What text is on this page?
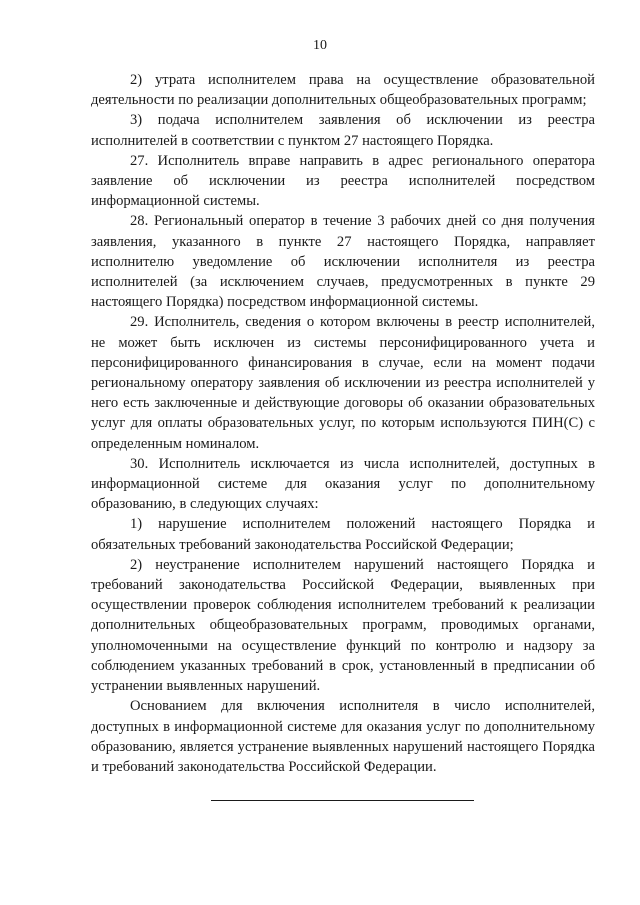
10

2) утрата исполнителем права на осуществление образовательной деятельности по реализации дополнительных общеобразовательных программ;

3) подача исполнителем заявления об исключении из реестра исполнителей в соответствии с пунктом 27 настоящего Порядка.

27. Исполнитель вправе направить в адрес регионального оператора заявление об исключении из реестра исполнителей посредством информационной системы.

28. Региональный оператор в течение 3 рабочих дней со дня получения заявления, указанного в пункте 27 настоящего Порядка, направляет исполнителю уведомление об исключении исполнителя из реестра исполнителей (за исключением случаев, предусмотренных в пункте 29 настоящего Порядка) посредством информационной системы.

29. Исполнитель, сведения о котором включены в реестр исполнителей, не может быть исключен из системы персонифицированного учета и персонифицированного финансирования в случае, если на момент подачи региональному оператору заявления об исключении из реестра исполнителей у него есть заключенные и действующие договоры об оказании образовательных услуг для оплаты образовательных услуг, по которым используются ПИН(С) с определенным номиналом.

30. Исполнитель исключается из числа исполнителей, доступных в информационной системе для оказания услуг по дополнительному образованию, в следующих случаях:

1) нарушение исполнителем положений настоящего Порядка и обязательных требований законодательства Российской Федерации;

2) неустранение исполнителем нарушений настоящего Порядка и требований законодательства Российской Федерации, выявленных при осуществлении проверок соблюдения исполнителем требований к реализации дополнительных общеобразовательных программ, проводимых органами, уполномоченными на осуществление функций по контролю и надзору за соблюдением указанных требований в срок, установленный в предписании об устранении выявленных нарушений.

Основанием для включения исполнителя в число исполнителей, доступных в информационной системе для оказания услуг по дополнительному образованию, является устранение выявленных нарушений настоящего Порядка и требований законодательства Российской Федерации.
